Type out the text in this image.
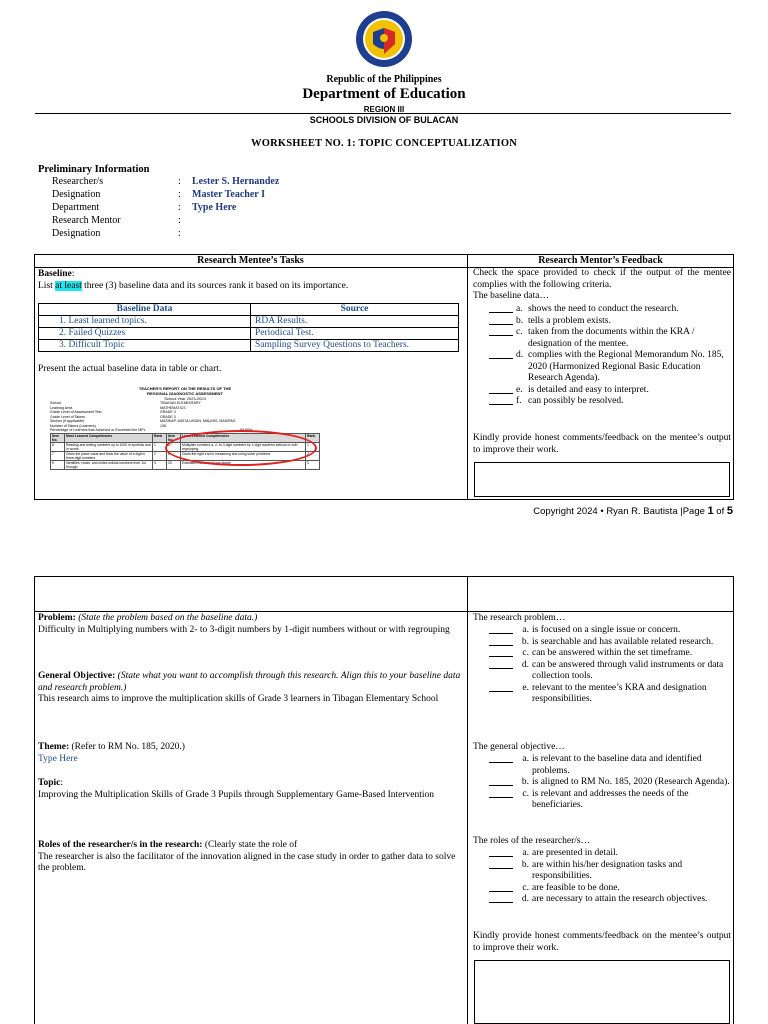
Republic of the Philippines
Department of Education
REGION III
SCHOOLS DIVISION OF BULACAN
WORKSHEET NO. 1: TOPIC CONCEPTUALIZATION
Preliminary Information
Researcher/s	:	Lester S. Hernandez
Designation	:	Master Teacher I
Department	:	Type Here
Research Mentor	:
Designation	:
Research Mentee’s Tasks	Research Mentor’s Feedback
Baseline:
List at least three (3) baseline data and its sources rank it based on its importance.
Baseline Data	Source
1. Least learned topics.	RDA Results.
2. Failed Quizzes	Periodical Test.
3. Difficult Topic	Sampling Survey Questions to Teachers.
Present the actual baseline data in table or chart.
TEACHER'S REPORT ON THE RESULTS OF THE
REGIONAL DIAGNOSTIC ASSESSMENT
School Year 2023-2024
School	TIBAGAN ELEMENTARY
Learning Area	MATHEMATICS
Grade Level of Assessment Test	GRADE 3
Grade Level of Takers	GRADE 3
Section (if applicable)	MASIKAP, MATULUNGIN, MALINIS, MASIPAG
Number of Takers (Learners)	136
Percentage of Learners that Achieved or Exceeded the MPL	59.60%
Item No.	Most Learned Competencies	Rank	Item No.	Least Learned Competencies	Rank
8	Reading and writing numbers up to 1000 in symbols and in words	1	27	Multiplies numbers a. 2- to 3-digit numbers by 1-digit numbers without or with regrouping	1
7	Gives the place value and finds the value of a digit in three-digit numbers	2	6	Gives the right end in measuring and using solve problems	2
9	Identifies, reads, and writes ordinal numbers from 1st through	3	20	Estimates the area of one shape	3
Check the space provided to check if the output of the mentee complies with the following criteria.
The baseline data…
a. shows the need to conduct the research.
b. tells a problem exists.
c. taken from the documents within the KRA / designation of the mentee.
d. complies with the Regional Memorandum No. 185, 2020 (Harmonized Regional Basic Education Research Agenda).
e. is detailed and easy to interpret.
f. can possibly be resolved.
Kindly provide honest comments/feedback on the mentee’s output to improve their work.
Copyright 2024 • Ryan R. Bautista |Page 1 of 5
Problem: (State the problem based on the baseline data.)
Difficulty in Multiplying numbers with 2- to 3-digit numbers by 1-digit numbers without or with regrouping
General Objective: (State what you want to accomplish through this research. Align this to your baseline data and research problem.)
This research aims to improve the multiplication skills of Grade 3 learners in Tibagan Elementary School
Theme: (Refer to RM No. 185, 2020.)
Type Here
Topic:
Improving the Multiplication Skills of Grade 3 Pupils through Supplementary Game-Based Intervention
Roles of the researcher/s in the research: (Clearly state the role of
The researcher is also the facilitator of the innovation aligned in the case study in order to gather data to solve the problem.
The research problem…
a. is focused on a single issue or concern.
b. is searchable and has available related research.
c. can be answered within the set timeframe.
d. can be answered through valid instruments or data collection tools.
e. relevant to the mentee’s KRA and designation responsibilities.
The general objective…
a. is relevant to the baseline data and identified problems.
b. is aligned to RM No. 185, 2020 (Research Agenda).
c. is relevant and addresses the needs of the beneficiaries.
The roles of the researcher/s…
a. are presented in detail.
b. are within his/her designation tasks and responsibilities.
c. are feasible to be done.
d. are necessary to attain the research objectives.
Kindly provide honest comments/feedback on the mentee’s output to improve their work.
